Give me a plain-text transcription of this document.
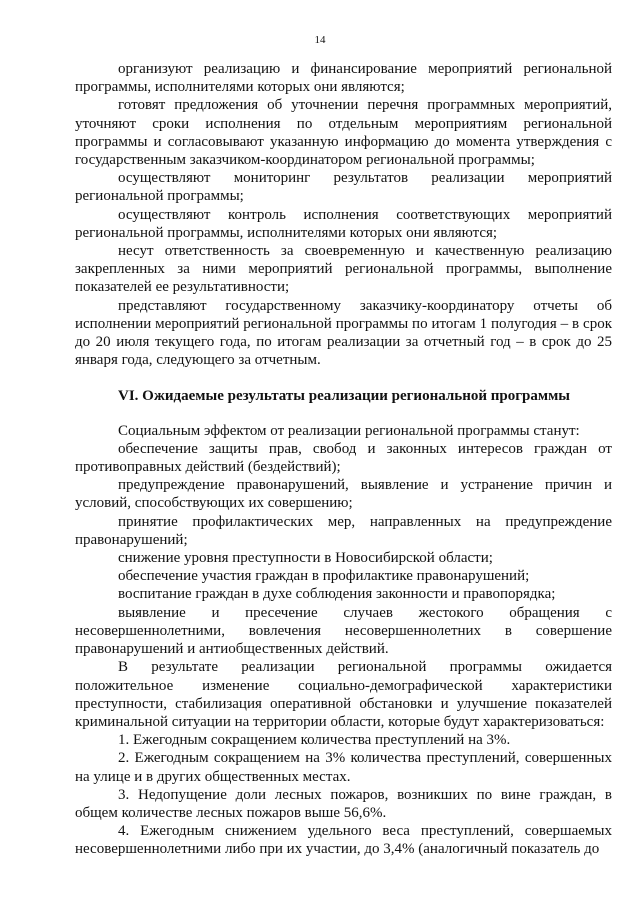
14

организуют реализацию и финансирование мероприятий региональной программы, исполнителями которых они являются;

готовят предложения об уточнении перечня программных мероприятий, уточняют сроки исполнения по отдельным мероприятиям региональной программы и согласовывают указанную информацию до момента утверждения с государственным заказчиком-координатором региональной программы;

осуществляют мониторинг результатов реализации мероприятий региональной программы;

осуществляют контроль исполнения соответствующих мероприятий региональной программы, исполнителями которых они являются;

несут ответственность за своевременную и качественную реализацию закрепленных за ними мероприятий региональной программы, выполнение показателей ее результативности;

представляют государственному заказчику-координатору отчеты об исполнении мероприятий региональной программы по итогам 1 полугодия – в срок до 20 июля текущего года, по итогам реализации за отчетный год – в срок до 25 января года, следующего за отчетным.

VI. Ожидаемые результаты реализации региональной программы

Социальным эффектом от реализации региональной программы станут:

обеспечение защиты прав, свобод и законных интересов граждан от противоправных действий (бездействий);

предупреждение правонарушений, выявление и устранение причин и условий, способствующих их совершению;

принятие профилактических мер, направленных на предупреждение правонарушений;

снижение уровня преступности в Новосибирской области;

обеспечение участия граждан в профилактике правонарушений;

воспитание граждан в духе соблюдения законности и правопорядка;

выявление и пресечение случаев жестокого обращения с несовершеннолетними, вовлечения несовершеннолетних в совершение правонарушений и антиобщественных действий.

В результате реализации региональной программы ожидается положительное изменение социально-демографической характеристики преступности, стабилизация оперативной обстановки и улучшение показателей криминальной ситуации на территории области, которые будут характеризоваться:

1. Ежегодным сокращением количества преступлений на 3%.

2. Ежегодным сокращением на 3% количества преступлений, совершенных на улице и в других общественных местах.

3. Недопущение доли лесных пожаров, возникших по вине граждан, в общем количестве лесных пожаров выше 56,6%.

4. Ежегодным снижением удельного веса преступлений, совершаемых несовершеннолетними либо при их участии, до 3,4% (аналогичный показатель до
